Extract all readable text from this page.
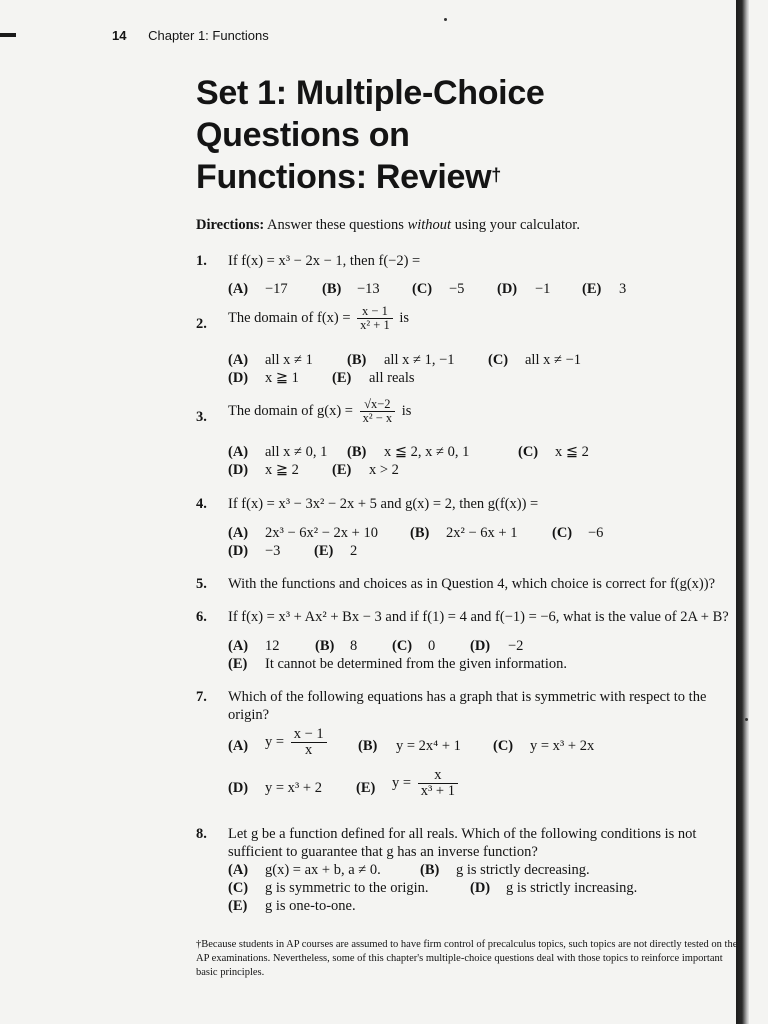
14 Chapter 1: Functions
Set 1: Multiple-Choice
Questions on
Functions: Review†
Directions: Answer these questions without using your calculator.
1. If f(x) = x³ − 2x − 1, then f(−2) =
(A) −17 (B) −13 (C) −5 (D) −1 (E) 3
2. The domain of $f(x) = \frac{x - 1}{\text{x² + 1}}$ is
(A) all x ≠ 1 (B) all x ≠ 1, −1 (C) all x ≠ −1
(D) x ≧ 1 (E) all reals
3. The domain of $g(x) = \frac{√x-2}{\text{x² − x}}$ is
(A) all x ≠ 0, 1 (B) x ≦ 2, x ≠ 0, 1	(C) x ≦ 2
(D) x ≧ 2 (E) x > 2
4. If f(x) = x³ − 3x² − 2x + 5 and g(x) = 2, then g(f(x)) =
(A) 2x³ − 6x² − 2x + 10 (B) 2x² − 6x + 1 (C) −6
(D) −3 (E) 2
5. With the functions and choices as in Question 4, which choice is correct for f(g(x))?
6. If f(x) = x³ + Ax² + Bx − 3 and if f(1) = 4 and f(−1) = −6, what is the value of 2A + B?
(A) 12 (B) 8 (C) 0 (D) −2
(E) It cannot be determined from the given information.
7. Which of the following equations has a graph that is symmetric with respect to the
origin?
(A) $y = \frac{x - 1}{x} (B) y = 2x^4 + 1$ (C) y = x³ + 2x
(D) y = x³ + 2 (E) $y = \frac{x}{\text{x³ + 1}}$
8. Let g be a function defined for all reals. Which of the following conditions is not
sufficient to guarantee that g has an inverse function?
(A) g(x) = ax + b, a ≠ 0.	(B) g is strictly decreasing.
(C) g is symmetric to the origin.	(D) g is strictly increasing.
(E) g is one-to-one.

†Because students in AP courses are assumed to have firm control of precalculus topics, such topics are not directly tested on the AP examinations. Nevertheless, some of this chapter's multiple-choice questions deal with those topics to reinforce important basic principles.
